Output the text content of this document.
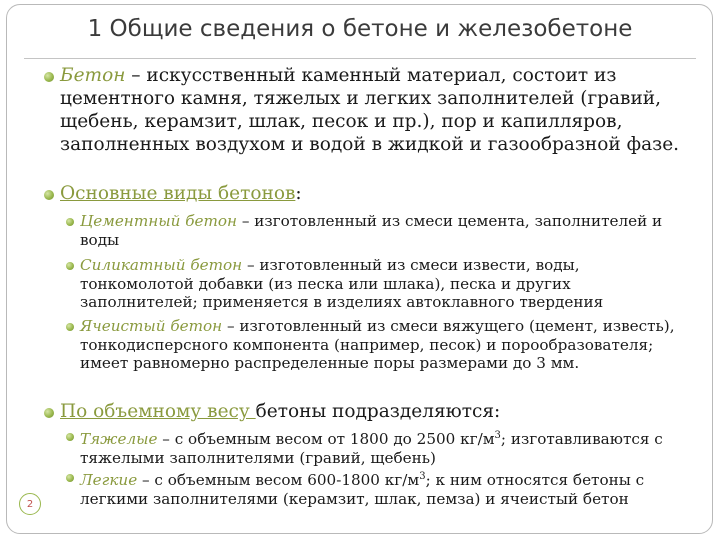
1 Общие сведения о бетоне и железобетоне
Бетон – искусственный каменный материал, состоит из цементного камня, тяжелых и легких заполнителей (гравий, щебень, керамзит, шлак, песок и пр.), пор и капилляров, заполненных воздухом и водой в жидкой и газообразной фазе.
Основные виды бетонов:
Цементный бетон – изготовленный из смеси цемента, заполнителей и воды
Силикатный бетон – изготовленный из смеси извести, воды, тонкомолотой добавки (из песка или шлака), песка и других заполнителей; применяется в изделиях автоклавного твердения
Ячеистый бетон – изготовленный из смеси вяжущего (цемент, известь), тонкодисперсного компонента (например, песок) и порообразователя; имеет равномерно распределенные поры размерами до 3 мм.
По объемному весу бетоны подразделяются:
Тяжелые – с объемным весом от 1800 до 2500 $кг/м^3$; изготавливаются с тяжелыми заполнителями (гравий, щебень)
Легкие – с объемным весом 600-1800 $кг/м^3$; к ним относятся бетоны с легкими заполнителями (керамзит, шлак, пемза) и ячеистый бетон
2
